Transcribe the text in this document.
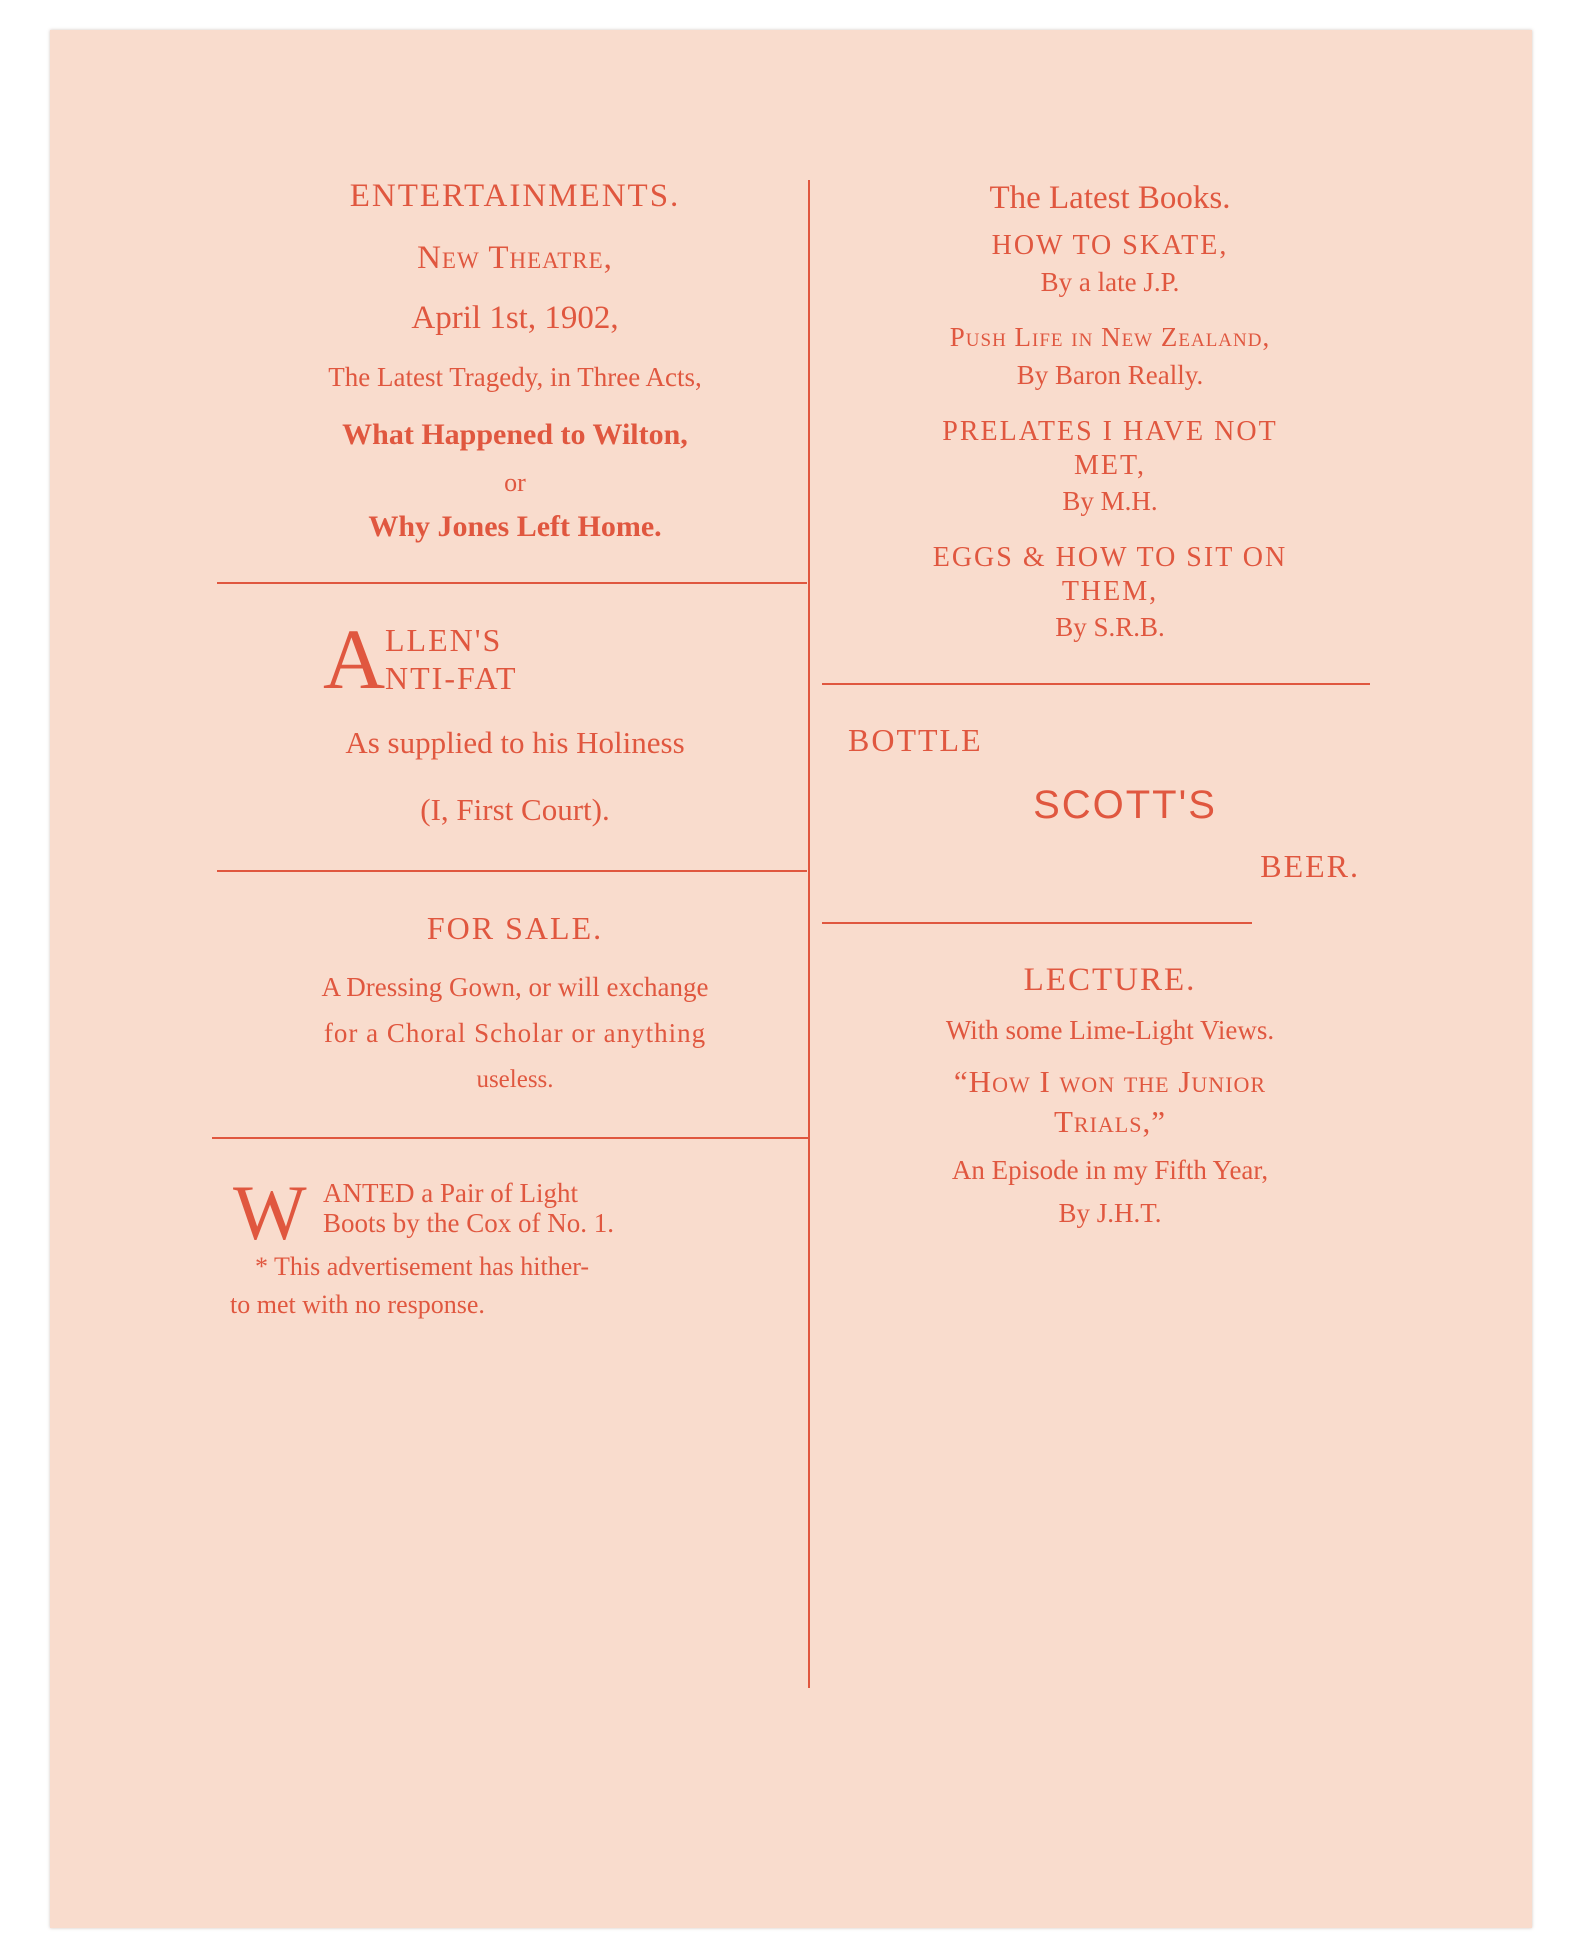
ENTERTAINMENTS.
New Theatre,
April 1st, 1902,
The Latest Tragedy, in Three Acts,
What Happened to Wilton,
or
Why Jones Left Home.
A LLEN'S
NTI-FAT
As supplied to his Holiness
(I, First Court).
FOR SALE.
A Dressing Gown, or will exchange
for a Choral Scholar or anything
useless.
W ANTED a Pair of Light
Boots by the Cox of No. 1.
* This advertisement has hither-
to met with no response.
The Latest Books.
HOW TO SKATE,
By a late J.P.
Push Life in New Zealand,
By Baron Really.
PRELATES I HAVE NOT
MET,
By M.H.
EGGS & HOW TO SIT ON
THEM,
By S.R.B.
BOTTLE
SCOTT'S
BEER.
LECTURE.
With some Lime-Light Views.
“How I won the Junior
Trials,”
An Episode in my Fifth Year,
By J.H.T.
